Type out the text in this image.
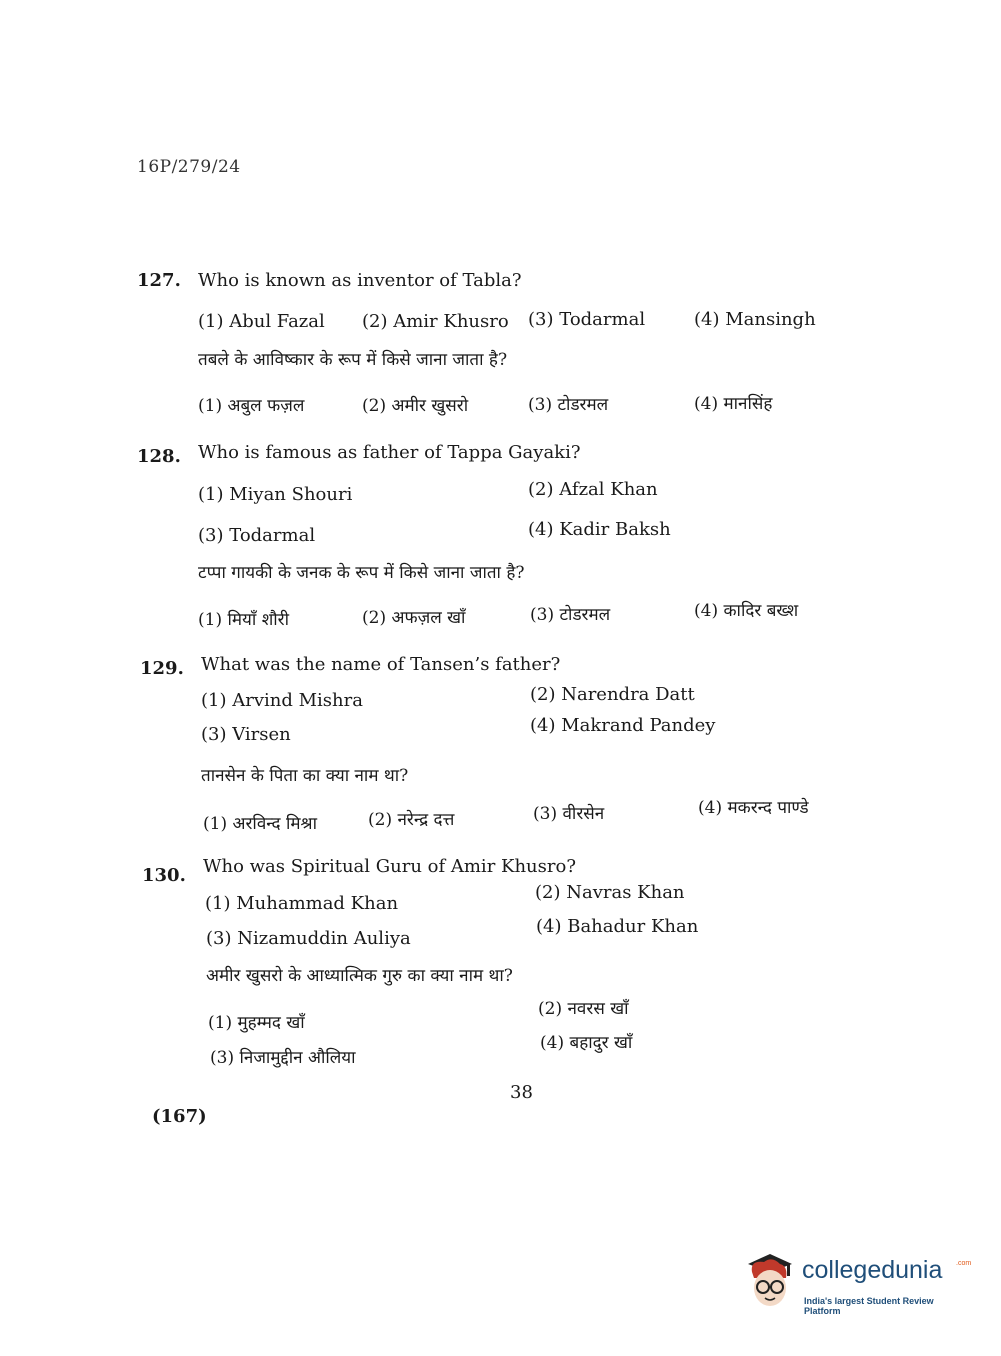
16P/279/24
127. Who is known as inventor of Tabla?
(1) Abul Fazal (2) Amir Khusro (3) Todarmal	(4) Mansingh
तबले के आविष्कार के रूप में किसे जाना जाता है?
(1) अबुल फज़ल	(2) अमीर खुसरो	(3) टोडरमल	(4) मानसिंह
128. Who is famous as father of Tappa Gayaki?
(1) Miyan Shouri	(2) Afzal Khan
(3) Todarmal	(4) Kadir Baksh
टप्पा गायकी के जनक के रूप में किसे जाना जाता है?
(1) मियाँ शौरी	(2) अफज़ल खाँ	(3) टोडरमल	(4) कादिर बख्श
129. What was the name of Tansen’s father?
(1) Arvind Mishra	(2) Narendra Datt
(3) Virsen	(4) Makrand Pandey
तानसेन के पिता का क्या नाम था?
(1) अरविन्द मिश्रा	(2) नरेन्द्र दत्त	(3) वीरसेन	(4) मकरन्द पाण्डे
130. Who was Spiritual Guru of Amir Khusro?
(1) Muhammad Khan
(2) Navras Khan
(3) Nizamuddin Auliya
(4) Bahadur Khan
अमीर खुसरो के आध्यात्मिक गुरु का क्या नाम था?
(1) मुहम्मद खाँ
(2) नवरस खाँ
(3) निजामुद्दीन औलिया
(4) बहादुर खाँ
38
(167)
collegedunia .com
India's largest Student Review Platform
